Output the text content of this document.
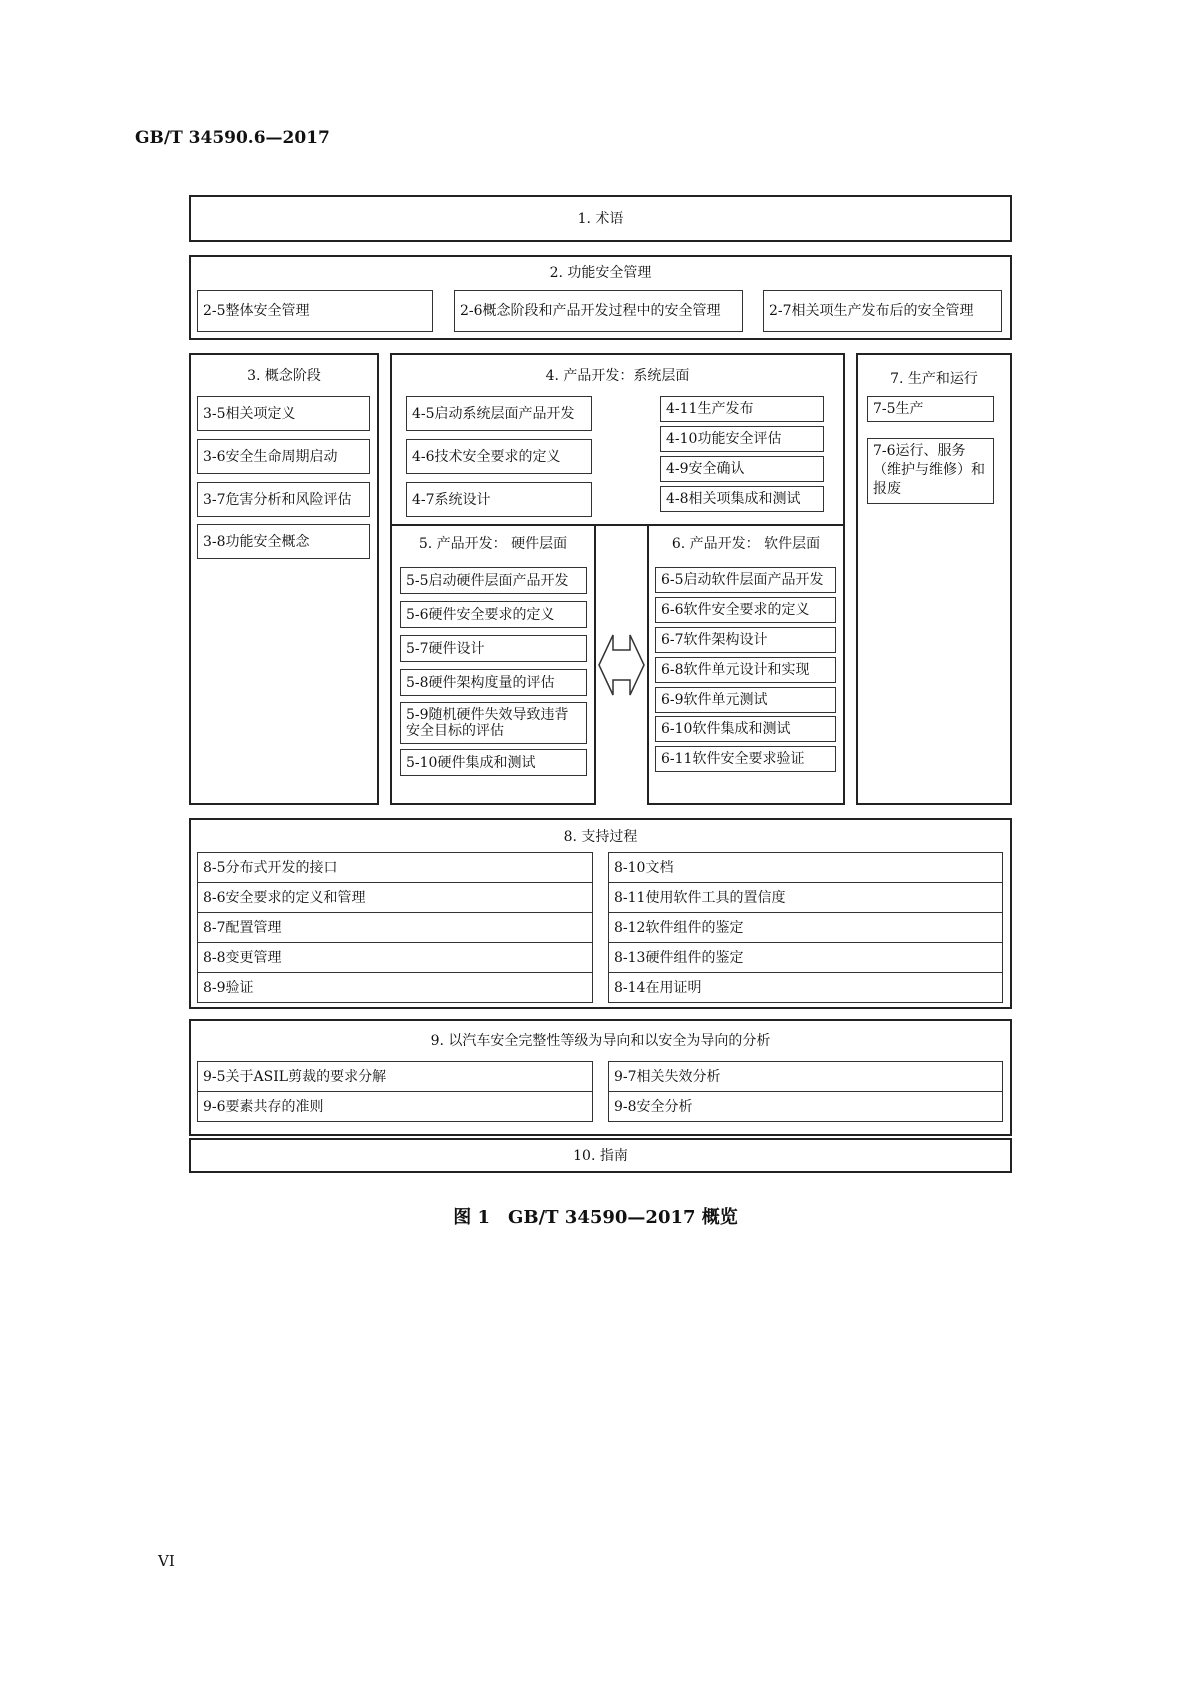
GB/T 34590.6—2017
1. 术语
2. 功能安全管理
2-5整体安全管理	2-6概念阶段和产品开发过程中的安全管理	2-7相关项生产发布后的安全管理
3. 概念阶段
3-5相关项定义
3-6安全生命周期启动
3-7危害分析和风险评估
3-8功能安全概念
4. 产品开发：系统层面
4-5启动系统层面产品开发
4-6技术安全要求的定义
4-7系统设计
4-11生产发布
4-10功能安全评估
4-9安全确认
4-8相关项集成和测试
5. 产品开发： 硬件层面
5-5启动硬件层面产品开发
5-6硬件安全要求的定义
5-7硬件设计
5-8硬件架构度量的评估
5-9随机硬件失效导致违背安全目标的评估
5-10硬件集成和测试
6. 产品开发： 软件层面
6-5启动软件层面产品开发
6-6软件安全要求的定义
6-7软件架构设计
6-8软件单元设计和实现
6-9软件单元测试
6-10软件集成和测试
6-11软件安全要求验证
7. 生产和运行
7-5生产
7-6运行、服务（维护与维修）和报废
8. 支持过程
8-5分布式开发的接口
8-6安全要求的定义和管理
8-7配置管理
8-8变更管理
8-9验证
8-10文档
8-11使用软件工具的置信度
8-12软件组件的鉴定
8-13硬件组件的鉴定
8-14在用证明
9. 以汽车安全完整性等级为导向和以安全为导向的分析
9-5关于ASIL剪裁的要求分解
9-6要素共存的准则
9-7相关失效分析
9-8安全分析
10. 指南
图 1　GB/T 34590—2017 概览
VI
